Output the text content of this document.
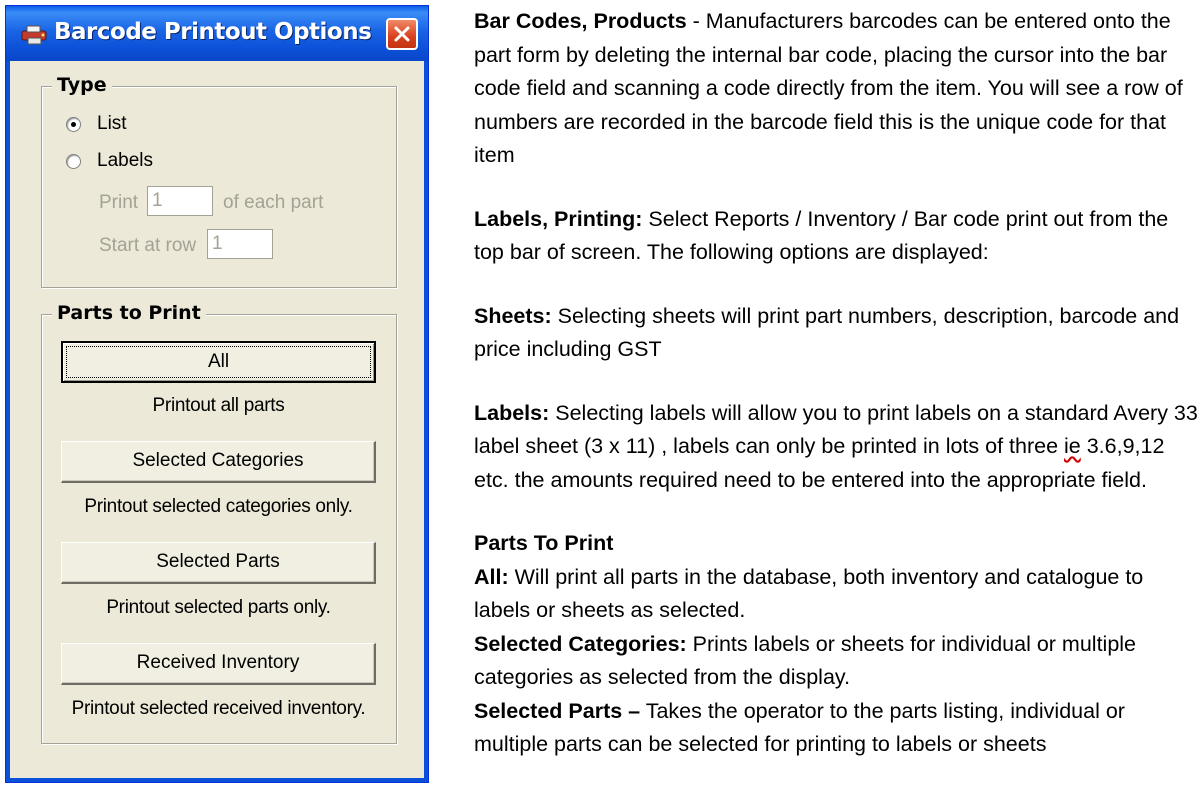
Barcode Printout Options
Type
List
Labels
Print
1	of each part
Start at row
1
Parts to Print
All
Printout all parts
Selected Categories
Printout selected categories only.
Selected Parts
Printout selected parts only.
Received Inventory
Printout selected received inventory.

Bar Codes, Products - Manufacturers barcodes can be entered onto the part form by deleting the internal bar code, placing the cursor into the bar code field and scanning a code directly from the item. You will see a row of numbers are recorded in the barcode field this is the unique code for that item

Labels, Printing: Select Reports / Inventory / Bar code print out from the top bar of screen. The following options are displayed:

Sheets: Selecting sheets will print part numbers, description, barcode and price including GST

Labels: Selecting labels will allow you to print labels on a standard Avery 33 label sheet (3 x 11) , labels can only be printed in lots of three ie 3.6,9,12 etc. the amounts required need to be entered into the appropriate field.

Parts To Print

All: Will print all parts in the database, both inventory and catalogue to labels or sheets as selected.

Selected Categories: Prints labels or sheets for individual or multiple categories as selected from the display.

Selected Parts – Takes the operator to the parts listing, individual or multiple parts can be selected for printing to labels or sheets
